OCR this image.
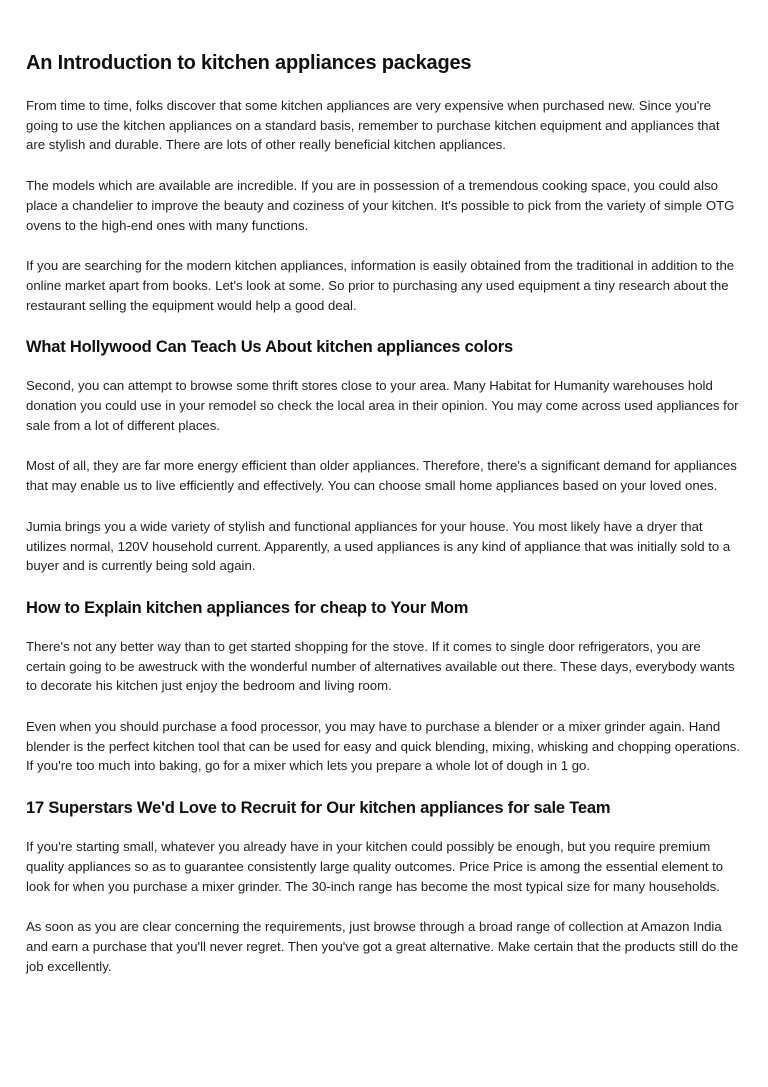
An Introduction to kitchen appliances packages

From time to time, folks discover that some kitchen appliances are very expensive when purchased new. Since you're going to use the kitchen appliances on a standard basis, remember to purchase kitchen equipment and appliances that are stylish and durable. There are lots of other really beneficial kitchen appliances.

The models which are available are incredible. If you are in possession of a tremendous cooking space, you could also place a chandelier to improve the beauty and coziness of your kitchen. It's possible to pick from the variety of simple OTG ovens to the high-end ones with many functions.

If you are searching for the modern kitchen appliances, information is easily obtained from the traditional in addition to the online market apart from books. Let's look at some. So prior to purchasing any used equipment a tiny research about the restaurant selling the equipment would help a good deal.

What Hollywood Can Teach Us About kitchen appliances colors

Second, you can attempt to browse some thrift stores close to your area. Many Habitat for Humanity warehouses hold donation you could use in your remodel so check the local area in their opinion. You may come across used appliances for sale from a lot of different places.

Most of all, they are far more energy efficient than older appliances. Therefore, there's a significant demand for appliances that may enable us to live efficiently and effectively. You can choose small home appliances based on your loved ones.

Jumia brings you a wide variety of stylish and functional appliances for your house. You most likely have a dryer that utilizes normal, 120V household current. Apparently, a used appliances is any kind of appliance that was initially sold to a buyer and is currently being sold again.

How to Explain kitchen appliances for cheap to Your Mom

There's not any better way than to get started shopping for the stove. If it comes to single door refrigerators, you are certain going to be awestruck with the wonderful number of alternatives available out there. These days, everybody wants to decorate his kitchen just enjoy the bedroom and living room.

Even when you should purchase a food processor, you may have to purchase a blender or a mixer grinder again. Hand blender is the perfect kitchen tool that can be used for easy and quick blending, mixing, whisking and chopping operations. If you're too much into baking, go for a mixer which lets you prepare a whole lot of dough in 1 go.

17 Superstars We'd Love to Recruit for Our kitchen appliances for sale Team

If you're starting small, whatever you already have in your kitchen could possibly be enough, but you require premium quality appliances so as to guarantee consistently large quality outcomes. Price Price is among the essential element to look for when you purchase a mixer grinder. The 30-inch range has become the most typical size for many households.

As soon as you are clear concerning the requirements, just browse through a broad range of collection at Amazon India and earn a purchase that you'll never regret. Then you've got a great alternative. Make certain that the products still do the job excellently.
